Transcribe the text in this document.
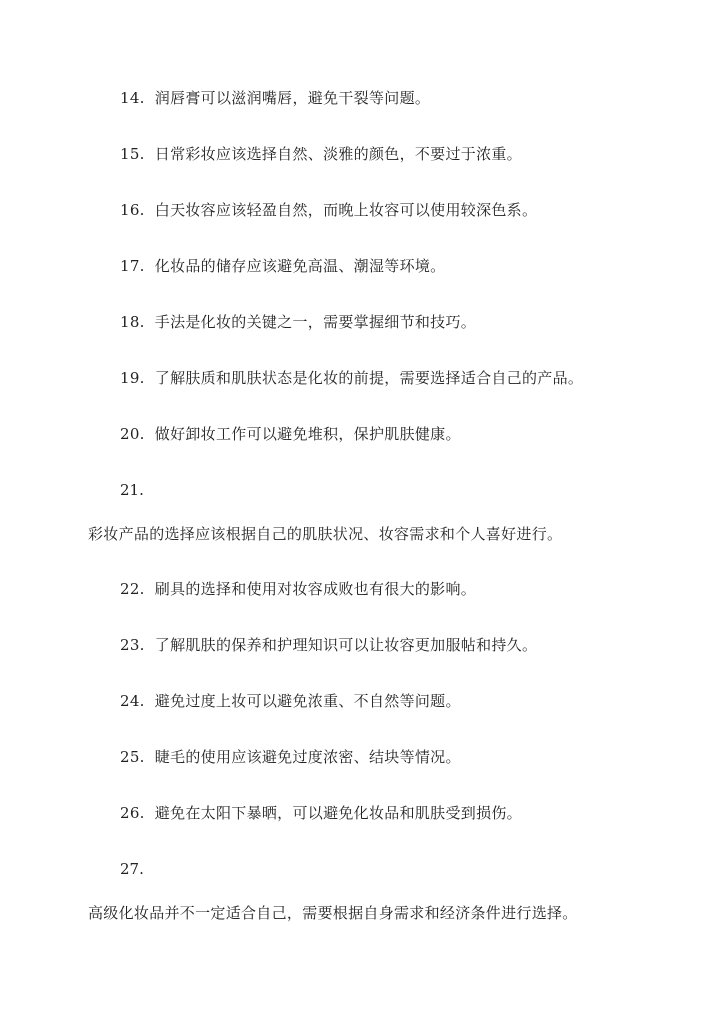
14. 润唇膏可以滋润嘴唇，避免干裂等问题。
15. 日常彩妆应该选择自然、淡雅的颜色，不要过于浓重。
16. 白天妆容应该轻盈自然，而晚上妆容可以使用较深色系。
17. 化妆品的储存应该避免高温、潮湿等环境。
18. 手法是化妆的关键之一，需要掌握细节和技巧。
19. 了解肤质和肌肤状态是化妆的前提，需要选择适合自己的产品。
20. 做好卸妆工作可以避免堆积，保护肌肤健康。
21.
彩妆产品的选择应该根据自己的肌肤状况、妆容需求和个人喜好进行。
22. 刷具的选择和使用对妆容成败也有很大的影响。
23. 了解肌肤的保养和护理知识可以让妆容更加服帖和持久。
24. 避免过度上妆可以避免浓重、不自然等问题。
25. 睫毛的使用应该避免过度浓密、结块等情况。
26. 避免在太阳下暴晒，可以避免化妆品和肌肤受到损伤。
27.
高级化妆品并不一定适合自己，需要根据自身需求和经济条件进行选择。
